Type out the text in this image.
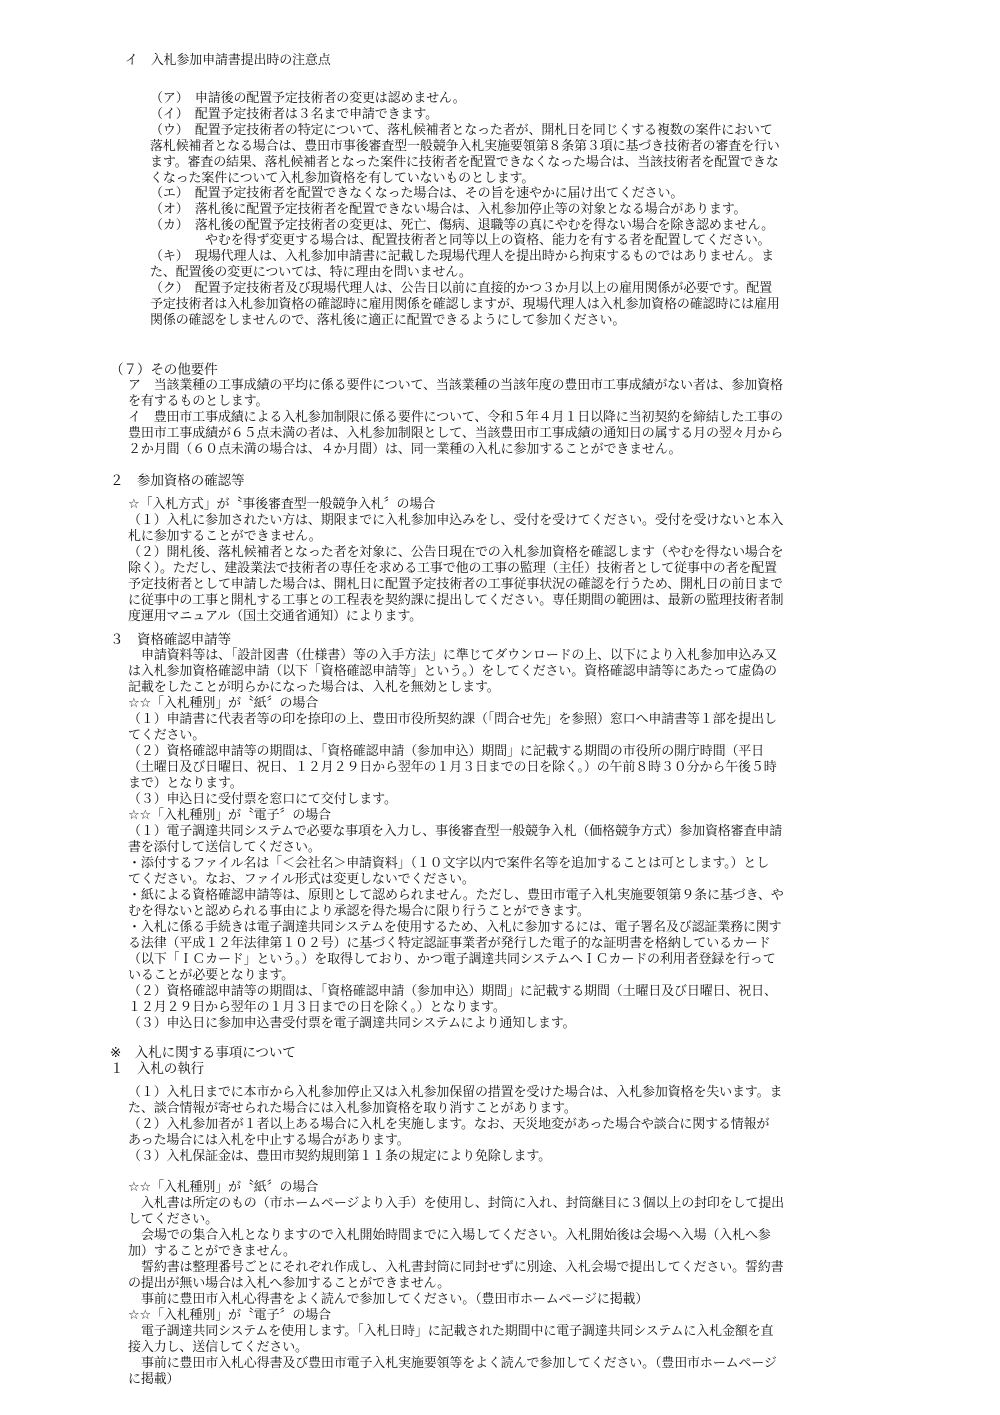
イ　入札参加申請書提出時の注意点
（ア）　申請後の配置予定技術者の変更は認めません。
（イ）　配置予定技術者は３名まで申請できます。
（ウ）　配置予定技術者の特定について、落札候補者となった者が、開札日を同じくする複数の案件において
落札候補者となる場合は、豊田市事後審査型一般競争入札実施要領第８条第３項に基づき技術者の審査を行い
ます。審査の結果、落札候補者となった案件に技術者を配置できなくなった場合は、当該技術者を配置できな
くなった案件について入札参加資格を有していないものとします。
（エ）　配置予定技術者を配置できなくなった場合は、その旨を速やかに届け出てください。
（オ）　落札後に配置予定技術者を配置できない場合は、入札参加停止等の対象となる場合があります。
（カ）　落札後の配置予定技術者の変更は、死亡、傷病、退職等の真にやむを得ない場合を除き認めません。
やむを得ず変更する場合は、配置技術者と同等以上の資格、能力を有する者を配置してください。
（キ）　現場代理人は、入札参加申請書に記載した現場代理人を提出時から拘束するものではありません。ま
た、配置後の変更については、特に理由を問いません。
（ク）　配置予定技術者及び現場代理人は、公告日以前に直接的かつ３か月以上の雇用関係が必要です。配置
予定技術者は入札参加資格の確認時に雇用関係を確認しますが、現場代理人は入札参加資格の確認時には雇用
関係の確認をしませんので、落札後に適正に配置できるようにして参加ください。
（７）その他要件
ア　当該業種の工事成績の平均に係る要件について、当該業種の当該年度の豊田市工事成績がない者は、参加資格
を有するものとします。
イ　豊田市工事成績による入札参加制限に係る要件について、令和５年４月１日以降に当初契約を締結した工事の
豊田市工事成績が６５点未満の者は、入札参加制限として、当該豊田市工事成績の通知日の属する月の翌々月から
２か月間（６０点未満の場合は、４か月間）は、同一業種の入札に参加することができません。
２　参加資格の確認等
☆「入札方式」が〝事後審査型一般競争入札〞の場合
（１）入札に参加されたい方は、期限までに入札参加申込みをし、受付を受けてください。受付を受けないと本入
札に参加することができません。
（２）開札後、落札候補者となった者を対象に、公告日現在での入札参加資格を確認します（やむを得ない場合を
除く）。ただし、建設業法で技術者の専任を求める工事で他の工事の監理（主任）技術者として従事中の者を配置
予定技術者として申請した場合は、開札日に配置予定技術者の工事従事状況の確認を行うため、開札日の前日まで
に従事中の工事と開札する工事との工程表を契約課に提出してください。専任期間の範囲は、最新の監理技術者制
度運用マニュアル（国土交通省通知）によります。
３　資格確認申請等
申請資料等は、「設計図書（仕様書）等の入手方法」に準じてダウンロードの上、以下により入札参加申込み又
は入札参加資格確認申請（以下「資格確認申請等」という。）をしてください。資格確認申請等にあたって虚偽の
記載をしたことが明らかになった場合は、入札を無効とします。
☆☆「入札種別」が〝紙〞の場合
（１）申請書に代表者等の印を捺印の上、豊田市役所契約課（「問合せ先」を参照）窓口へ申請書等１部を提出し
てください。
（２）資格確認申請等の期間は、「資格確認申請（参加申込）期間」に記載する期間の市役所の開庁時間（平日
（土曜日及び日曜日、祝日、１２月２９日から翌年の１月３日までの日を除く。）の午前８時３０分から午後５時
まで）となります。
（３）申込日に受付票を窓口にて交付します。
☆☆「入札種別」が〝電子〞の場合
（１）電子調達共同システムで必要な事項を入力し、事後審査型一般競争入札（価格競争方式）参加資格審査申請
書を添付して送信してください。
・添付するファイル名は「＜会社名＞申請資料」（１０文字以内で案件名等を追加することは可とします。）とし
てください。なお、ファイル形式は変更しないでください。
・紙による資格確認申請等は、原則として認められません。ただし、豊田市電子入札実施要領第９条に基づき、や
むを得ないと認められる事由により承認を得た場合に限り行うことができます。
・入札に係る手続きは電子調達共同システムを使用するため、入札に参加するには、電子署名及び認証業務に関す
る法律（平成１２年法律第１０２号）に基づく特定認証事業者が発行した電子的な証明書を格納しているカード
（以下「ＩＣカード」という。）を取得しており、かつ電子調達共同システムへＩＣカードの利用者登録を行って
いることが必要となります。
（２）資格確認申請等の期間は、「資格確認申請（参加申込）期間」に記載する期間（土曜日及び日曜日、祝日、
１２月２９日から翌年の１月３日までの日を除く。）となります。
（３）申込日に参加申込書受付票を電子調達共同システムにより通知します。
※　入札に関する事項について
１　入札の執行
（１）入札日までに本市から入札参加停止又は入札参加保留の措置を受けた場合は、入札参加資格を失います。ま
た、談合情報が寄せられた場合には入札参加資格を取り消すことがあります。
（２）入札参加者が１者以上ある場合に入札を実施します。なお、天災地変があった場合や談合に関する情報が
あった場合には入札を中止する場合があります。
（３）入札保証金は、豊田市契約規則第１１条の規定により免除します。
☆☆「入札種別」が〝紙〞の場合
入札書は所定のもの（市ホームページより入手）を使用し、封筒に入れ、封筒継目に３個以上の封印をして提出
してください。
会場での集合入札となりますので入札開始時間までに入場してください。入札開始後は会場へ入場（入札へ参
加）することができません。
誓約書は整理番号ごとにそれぞれ作成し、入札書封筒に同封せずに別途、入札会場で提出してください。誓約書
の提出が無い場合は入札へ参加することができません。
事前に豊田市入札心得書をよく読んで参加してください。（豊田市ホームページに掲載）
☆☆「入札種別」が〝電子〞の場合
電子調達共同システムを使用します。「入札日時」に記載された期間中に電子調達共同システムに入札金額を直
接入力し、送信してください。
事前に豊田市入札心得書及び豊田市電子入札実施要領等をよく読んで参加してください。（豊田市ホームページ
に掲載）
